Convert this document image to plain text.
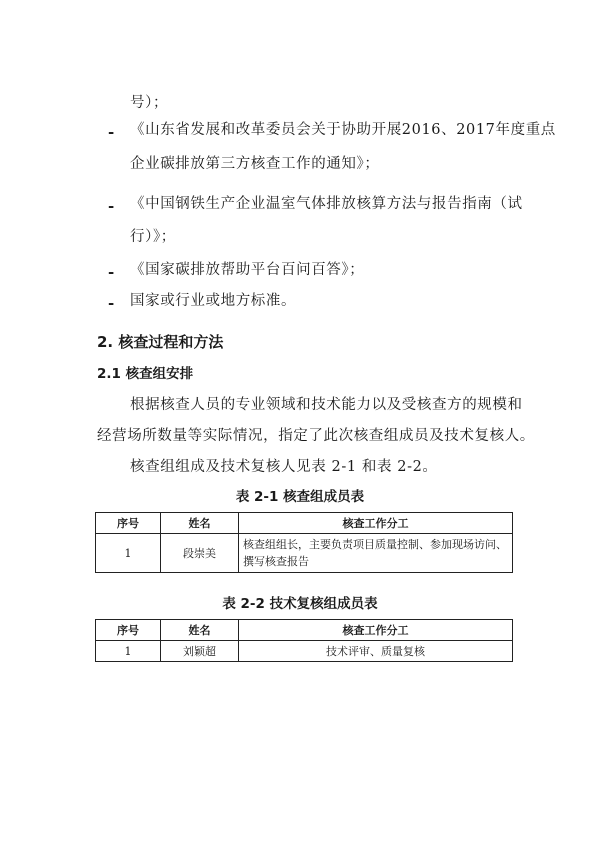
号）；
- 《山东省发展和改革委员会关于协助开展2016、2017年度重点
企业碳排放第三方核查工作的通知》；
- 《中国钢铁生产企业温室气体排放核算方法与报告指南（试
行）》；
- 《国家碳排放帮助平台百问百答》；
- 国家或行业或地方标准。
2. 核查过程和方法
2.1 核查组安排
根据核查人员的专业领域和技术能力以及受核查方的规模和
经营场所数量等实际情况，指定了此次核查组成员及技术复核人。
核查组组成及技术复核人见表 2-1 和表 2-2。
表 2-1 核查组成员表
序号	姓名	核查工作分工
1	段崇美	核查组组长，主要负责项目质量控制、参加现场访问、撰写核查报告
表 2-2 技术复核组成员表
序号	姓名	核查工作分工
1	刘颖超	技术评审、质量复核
